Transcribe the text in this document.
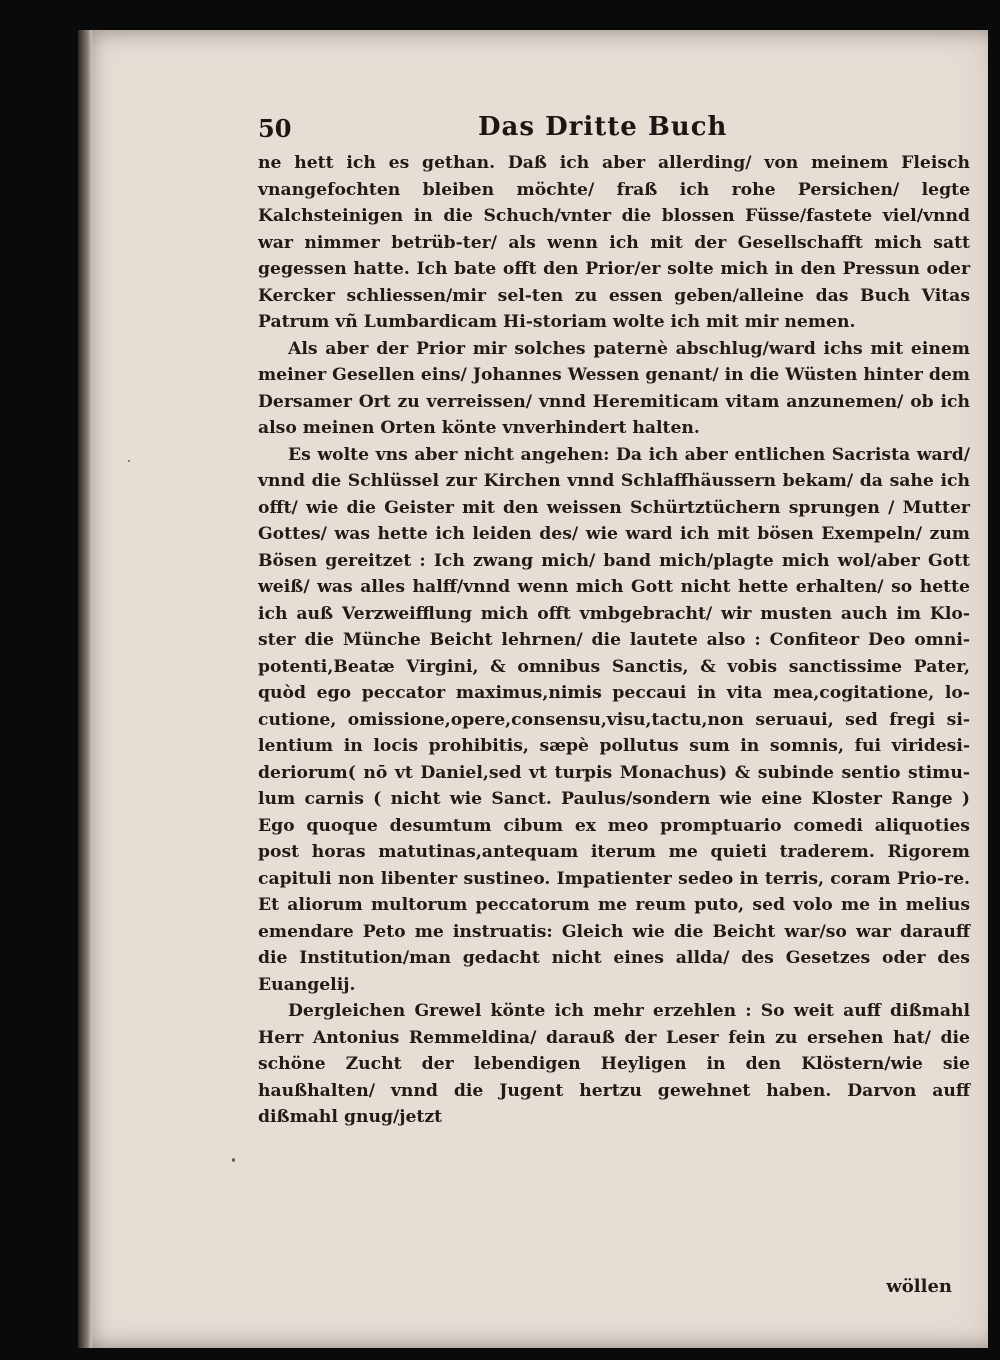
50	Das Dritte Buch

ne hett ich es gethan. Daß ich aber allerding/ von meinem Fleisch vnangefochten bleiben möchte/ fraß ich rohe Persichen/ legte Kalchsteinigen in die Schuch/vnter die blossen Füsse/fastete viel/vnnd war nimmer betrüb-ter/ als wenn ich mit der Gesellschafft mich satt gegessen hatte. Ich bate offt den Prior/er solte mich in den Pressun oder Kercker schliessen/mir sel-ten zu essen geben/alleine das Buch Vitas Patrum vñ Lumbardicam Hi-storiam wolte ich mit mir nemen.

Als aber der Prior mir solches paternè abschlug/ward ichs mit einem meiner Gesellen eins/ Johannes Wessen genant/ in die Wüsten hinter dem Dersamer Ort zu verreissen/ vnnd Heremiticam vitam anzunemen/ ob ich also meinen Orten könte vnverhindert halten.

Es wolte vns aber nicht angehen: Da ich aber entlichen Sacrista ward/ vnnd die Schlüssel zur Kirchen vnnd Schlaffhäussern bekam/ da sahe ich offt/ wie die Geister mit den weissen Schürtztüchern sprungen / Mutter Gottes/ was hette ich leiden des/ wie ward ich mit bösen Exempeln/ zum Bösen gereitzet : Ich zwang mich/ band mich/plagte mich wol/aber Gott weiß/ was alles halff/vnnd wenn mich Gott nicht hette erhalten/ so hette ich auß Verzweifflung mich offt vmbgebracht/ wir musten auch im Klo-ster die Münche Beicht lehrnen/ die lautete also : Confiteor Deo omni-potenti,Beatæ Virgini, & omnibus Sanctis, & vobis sanctissime Pater, quòd ego peccator maximus,nimis peccaui in vita mea,cogitatione, lo-cutione, omissione,opere,consensu,visu,tactu,non seruaui, sed fregi si-lentium in locis prohibitis, sæpè pollutus sum in somnis, fui viridesi-deriorum( nō vt Daniel,sed vt turpis Monachus) & subinde sentio stimu-lum carnis ( nicht wie Sanct. Paulus/sondern wie eine Kloster Range ) Ego quoque desumtum cibum ex meo promptuario comedi aliquoties post horas matutinas,antequam iterum me quieti traderem. Rigorem capituli non libenter sustineo. Impatienter sedeo in terris, coram Prio-re. Et aliorum multorum peccatorum me reum puto, sed volo me in melius emendare Peto me instruatis: Gleich wie die Beicht war/so war darauff die Institution/man gedacht nicht eines allda/ des Gesetzes oder des Euangelij.

Dergleichen Grewel könte ich mehr erzehlen : So weit auff dißmahl Herr Antonius Remmeldina/ darauß der Leser fein zu ersehen hat/ die schöne Zucht der lebendigen Heyligen in den Klöstern/wie sie haußhalten/ vnnd die Jugent hertzu gewehnet haben. Darvon auff dißmahl gnug/jetzt

wöllen
